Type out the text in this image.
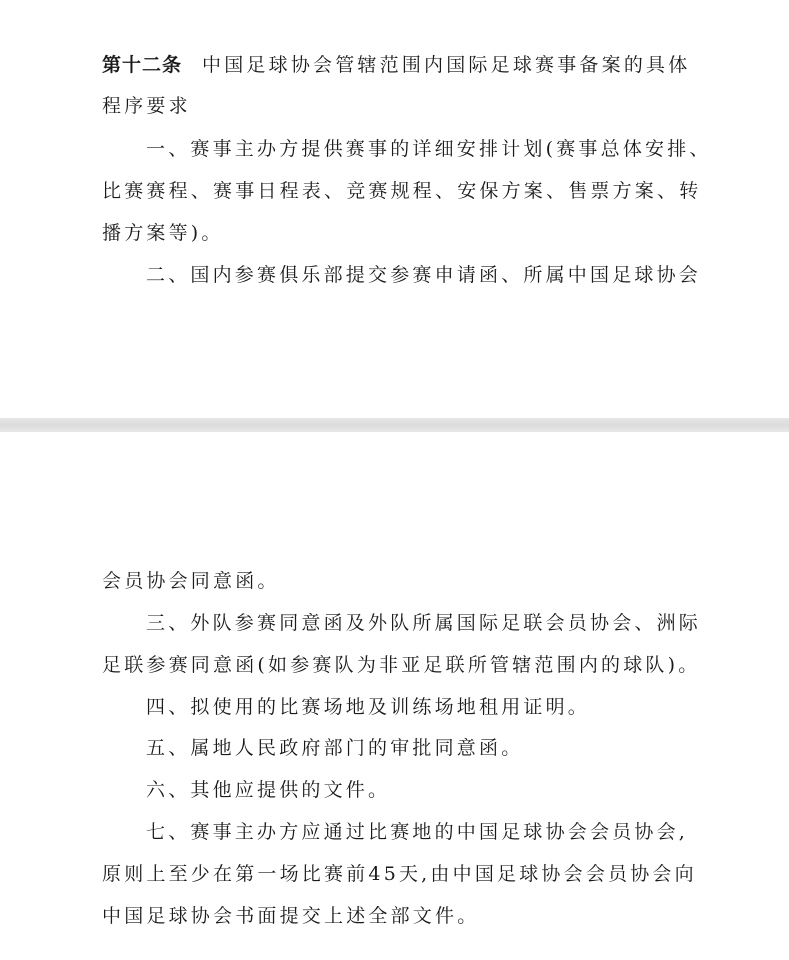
第十二条 中国足球协会管辖范围内国际足球赛事备案的具体
程序要求
一、赛事主办方提供赛事的详细安排计划(赛事总体安排、
比赛赛程、赛事日程表、竞赛规程、安保方案、售票方案、转
播方案等)。
二、国内参赛俱乐部提交参赛申请函、所属中国足球协会
会员协会同意函。
三、外队参赛同意函及外队所属国际足联会员协会、洲际
足联参赛同意函(如参赛队为非亚足联所管辖范围内的球队)。
四、拟使用的比赛场地及训练场地租用证明。
五、属地人民政府部门的审批同意函。
六、其他应提供的文件。
七、赛事主办方应通过比赛地的中国足球协会会员协会,
原则上至少在第一场比赛前45天,由中国足球协会会员协会向
中国足球协会书面提交上述全部文件。
